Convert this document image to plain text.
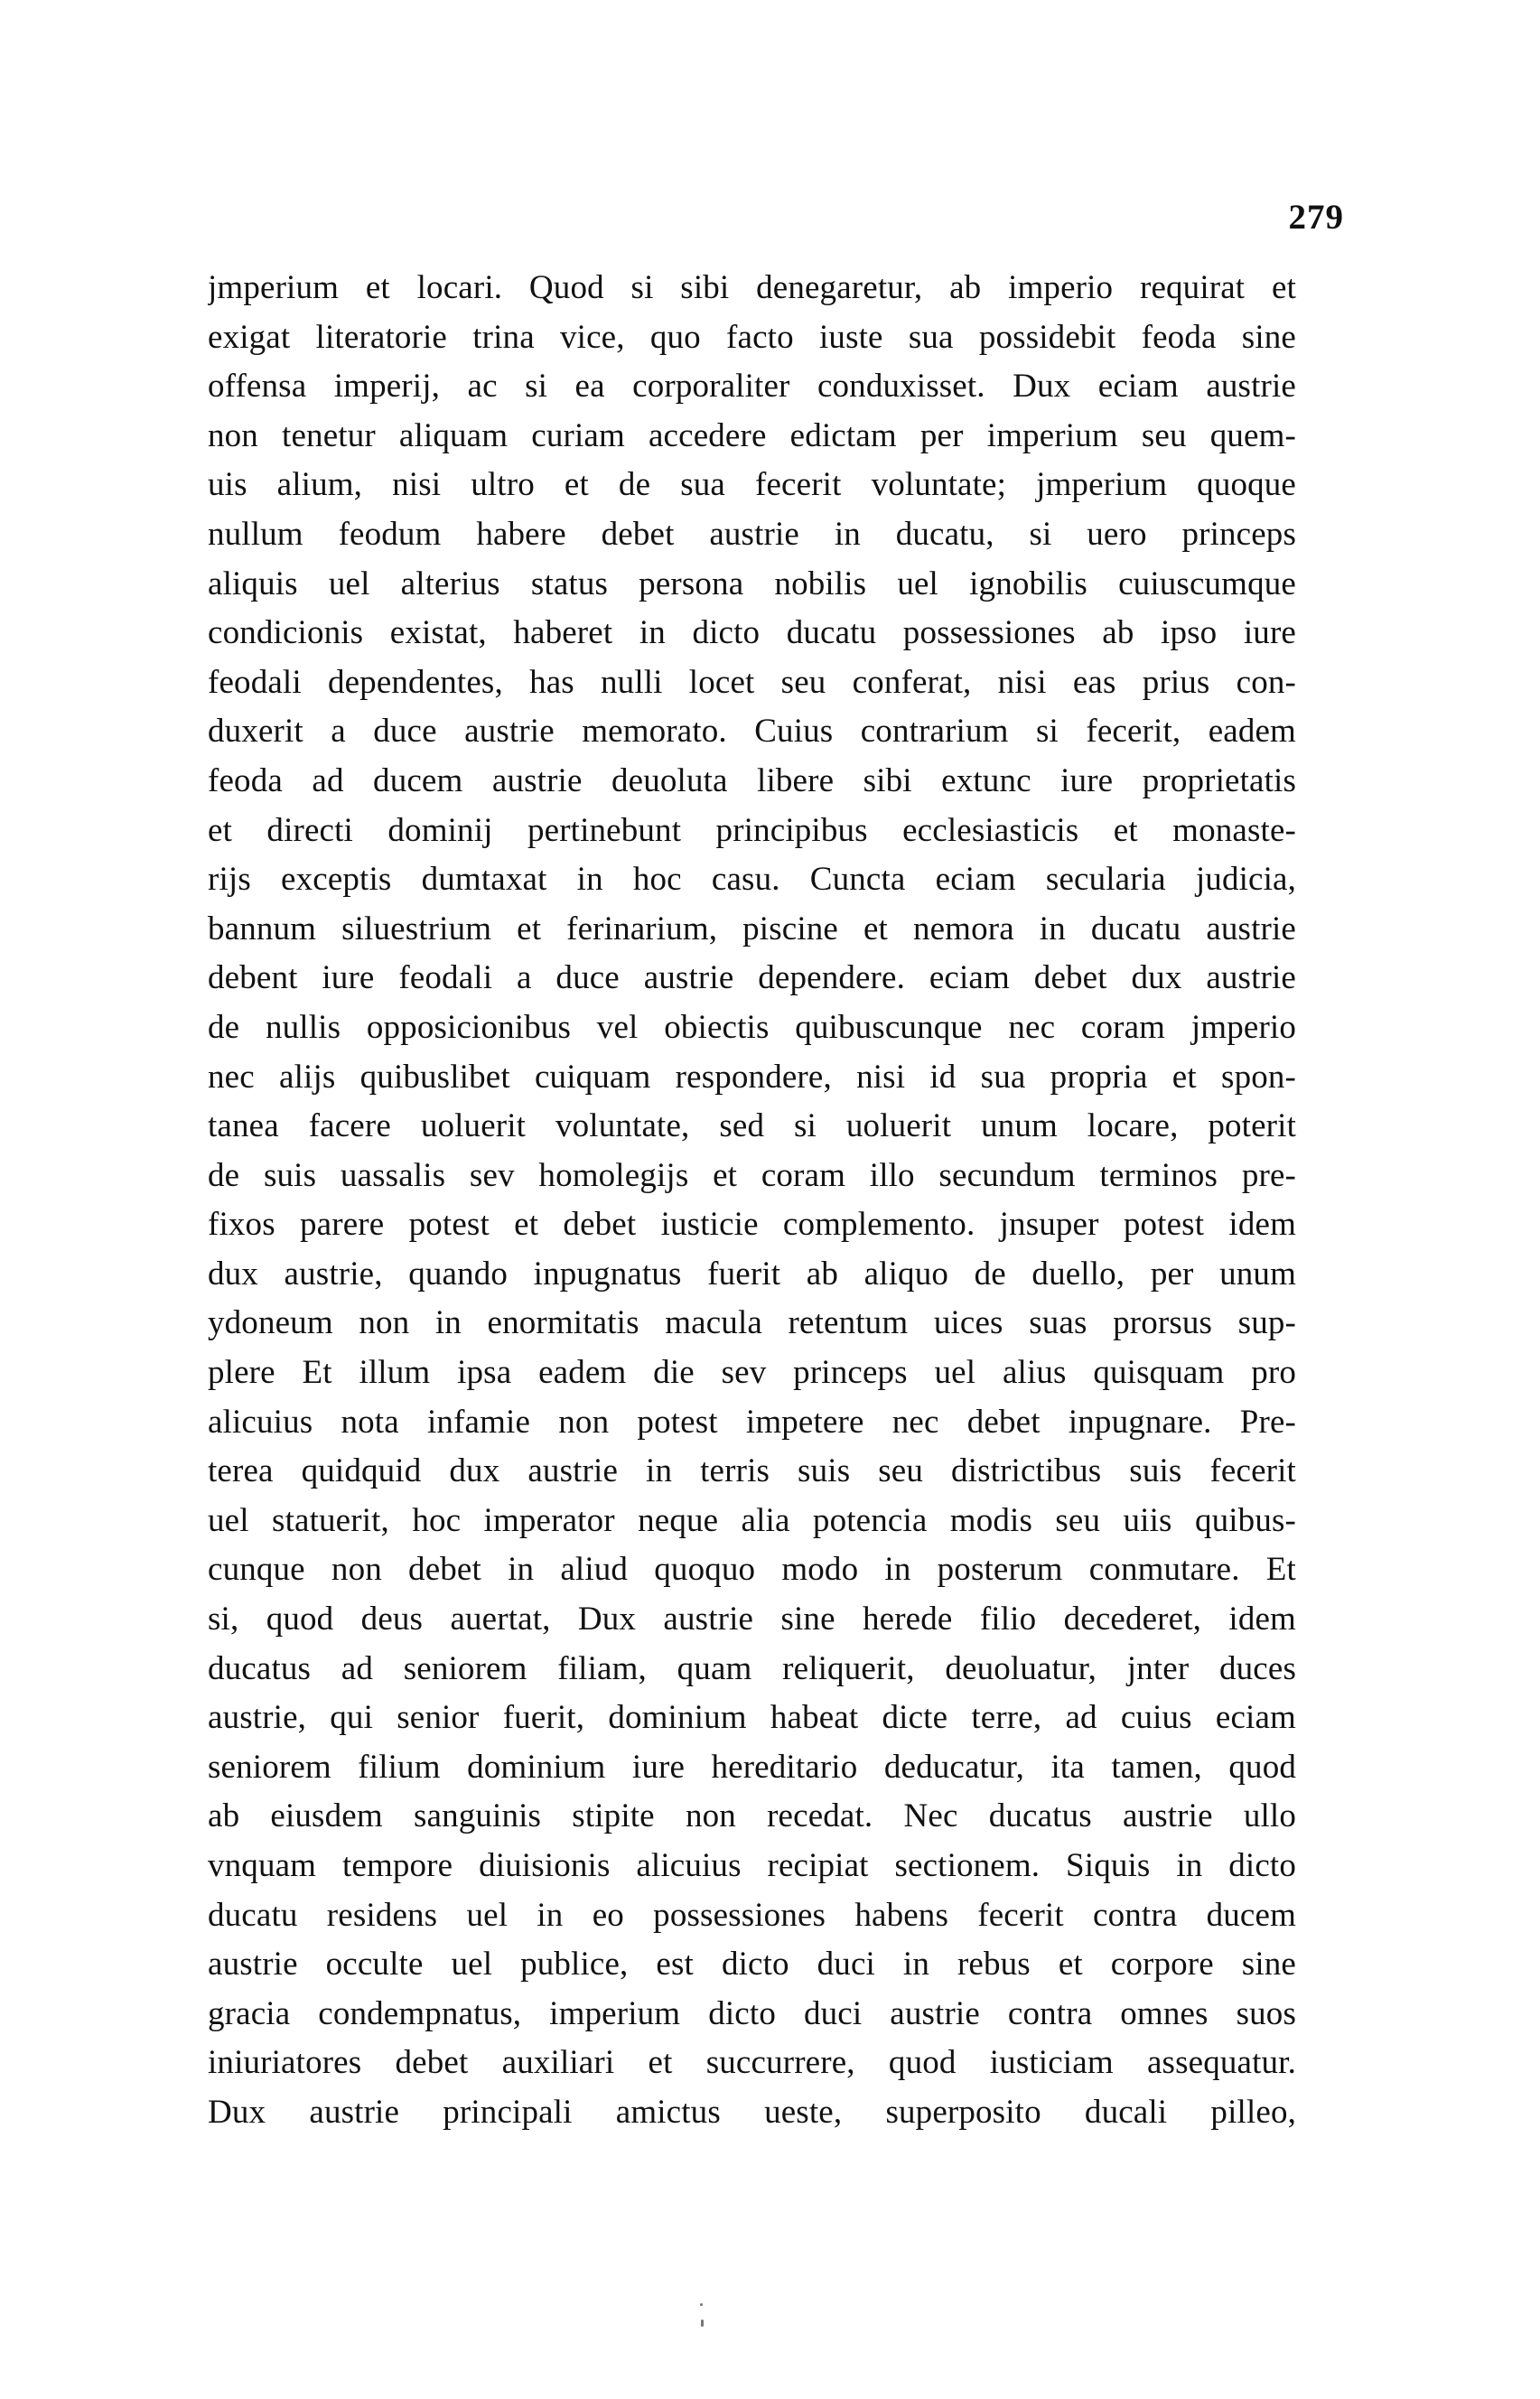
279
jmperium et locari. Quod si sibi denegaretur, ab imperio requirat et
exigat literatorie trina vice, quo facto iuste sua possidebit feoda sine
offensa imperij, ac si ea corporaliter conduxisset. Dux eciam austrie
non tenetur aliquam curiam accedere edictam per imperium seu quem-
uis alium, nisi ultro et de sua fecerit voluntate; jmperium quoque
nullum feodum habere debet austrie in ducatu, si uero princeps
aliquis uel alterius status persona nobilis uel ignobilis cuiuscumque
condicionis existat, haberet in dicto ducatu possessiones ab ipso iure
feodali dependentes, has nulli locet seu conferat, nisi eas prius con-
duxerit a duce austrie memorato. Cuius contrarium si fecerit, eadem
feoda ad ducem austrie deuoluta libere sibi extunc iure proprietatis
et directi dominij pertinebunt principibus ecclesiasticis et monaste-
rijs exceptis dumtaxat in hoc casu. Cuncta eciam secularia judicia,
bannum siluestrium et ferinarium, piscine et nemora in ducatu austrie
debent iure feodali a duce austrie dependere. eciam debet dux austrie
de nullis opposicionibus vel obiectis quibuscunque nec coram jmperio
nec alijs quibuslibet cuiquam respondere, nisi id sua propria et spon-
tanea facere uoluerit voluntate, sed si uoluerit unum locare, poterit
de suis uassalis sev homolegijs et coram illo secundum terminos pre-
fixos parere potest et debet iusticie complemento. jnsuper potest idem
dux austrie, quando inpugnatus fuerit ab aliquo de duello, per unum
ydoneum non in enormitatis macula retentum uices suas prorsus sup-
plere Et illum ipsa eadem die sev princeps uel alius quisquam pro
alicuius nota infamie non potest impetere nec debet inpugnare. Pre-
terea quidquid dux austrie in terris suis seu districtibus suis fecerit
uel statuerit, hoc imperator neque alia potencia modis seu uiis quibus-
cunque non debet in aliud quoquo modo in posterum conmutare. Et
si, quod deus auertat, Dux austrie sine herede filio decederet, idem
ducatus ad seniorem filiam, quam reliquerit, deuoluatur, jnter duces
austrie, qui senior fuerit, dominium habeat dicte terre, ad cuius eciam
seniorem filium dominium iure hereditario deducatur, ita tamen, quod
ab eiusdem sanguinis stipite non recedat. Nec ducatus austrie ullo
vnquam tempore diuisionis alicuius recipiat sectionem. Siquis in dicto
ducatu residens uel in eo possessiones habens fecerit contra ducem
austrie occulte uel publice, est dicto duci in rebus et corpore sine
gracia condempnatus, imperium dicto duci austrie contra omnes suos
iniuriatores debet auxiliari et succurrere, quod iusticiam assequatur.
Dux austrie principali amictus ueste, superposito ducali pilleo,
